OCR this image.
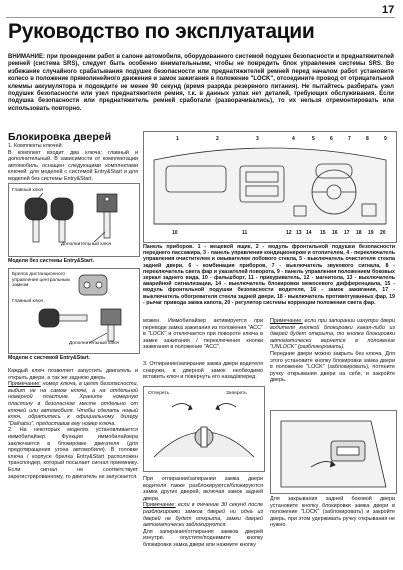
17
Руководство по эксплуатации
ВНИМАНИЕ: при проведении работ в салоне автомобиля, оборудованного системой подушек безопасности и преднатяжителей ремней (система SRS), следует быть особенно внимательными, чтобы не повредить блок управления системы SRS. Во избежание случайного срабатывания подушек безопасности или преднатяжителей ремней перед началом работ установите колесо в положение прямолинейного движения и замок зажигания в положение "LOCK", отсоедините провод от отрицательной клеммы аккумулятора и подождите не менее 90 секунд (время разряда резервного питания). Не пытайтесь разбирать узел подушек безопасности или узел преднатяжителя ремня, т.к. в данных узлах нет деталей, требующих обслуживания. Если подушка безопасности или преднатяжитель ремней сработали (разворачивались), то их нельзя отремонтировать или использовать повторно.
Блокировка дверей
1. Комплекты ключей.
В комплект входит два ключа: главный и дополнительный. В зависимости от комплектации автомобиль оснащен следующими комплектами ключей: для моделей с системой Entry&Start и для моделей без системы Entry&Start.
Главный ключ
Дополнительный ключ
Модели без системы Entry&Start.
Брелок дистанционного управления центральным замком
Главный ключ
Дополнительный ключ
Модели с системой Entry&Start.
Каждый ключ позволяет запустить двигатель и открыть двери, а так же заднюю дверь.
Примечание: номер ключа, в целях безопасности, выбит не на самом ключе, а на отдельной номерной пластине. Храните номерную пластину в безопасном месте отдельно от ключей или автомобиля. Чтобы сделать новый ключ, обратитесь к официальному дилеру "Daihatsu", предоставив ему номер ключа.
2. На некоторых моделях установливается иммобилайзер. Функция иммобилайзера заключается в блокировке двигателя (для предотвращения угона автомобиля). В головке ключа / корпусе брелка Entry&Start расположен транспондер, который посылает сигнал приемнику. Если сигнал не соответствует зарегистрированному, то двигатель не запускается.
1	2	3	4	5	6	7	8	9
10	11	12 13 14 15 16 17 18 19 20
Панель приборов. 1 - вещевой ящик, 2 - модуль фронтальной подушки безопасности переднего пассажира, 3 - панель управления кондиционером и отопителем, 4 - переключатель управления очистителем и омывателем лобового стекла, 5 - выключатель очистителя стекла задней двери, 6 - комбинация приборов, 7 - выключатель звукового сигнала, 8 - переключатель света фар и указателей поворота, 9 - панель управления положением боковых зеркал заднего вида, 10 - фальшборт, 11 - прикуриватель, 12 - магнитола, 13 - выключатель аварийной сигнализации, 14 - выключатель блокировки межосевого дифференциала, 15 - модуль фронтальной подушки безопасности водителя, 16 - замок зажигания, 17 - выключатель обогревателя стекла задней двери, 18 - выключатель противотуманных фар, 19 - рычаг привода замка капота, 20 - регулятор системы коррекции положения света фар.
можен. Иммобилайзер активируется при переводе замка зажигания из положения "ACC" в "LOCK" и отключается при повороте ключа в замке зажигания / переключения кнопки зажигания в положение "ACC".
3. Отпирание/запирание замка двери водителя снаружи, в дверной замок необходимо вставить ключ и повернуть его назад/вперед.
Отпереть	Запереть
При отпирании/запирании замка двери водителя также разблокируются/блокируются замки других дверей, включая замок задней двери.
Примечание: если в течение 30 секунд после разблокировки замков дверей ни одна из дверей не будет открыта, замки дверей автоматически заблокируются.
Для запирания/отпирания замков дверей изнутри, опустите/поднимите кнопку блокировки замка двери или нажмите кнопку
Примечание: если при запирании изнутри двери водителя кнопкой блокировки какая-либо из дверей будет открыта, то кнопка блокировки автоматически вернется в положение "UNLOCK" (разблокировать).
Передние двери можно закрыть без ключа. Для этого установите кнопку блокировки замка двери в положение "LOCK" (заблокировать), потяните ручку открывания двери на себя, и закройте дверь.
Для закрывания задней боковой двери установите кнопку блокировки замка двери в положение "LOCK" (заблокировать) и закройте дверь, при этом удерживать ручку открывания не нужно.
